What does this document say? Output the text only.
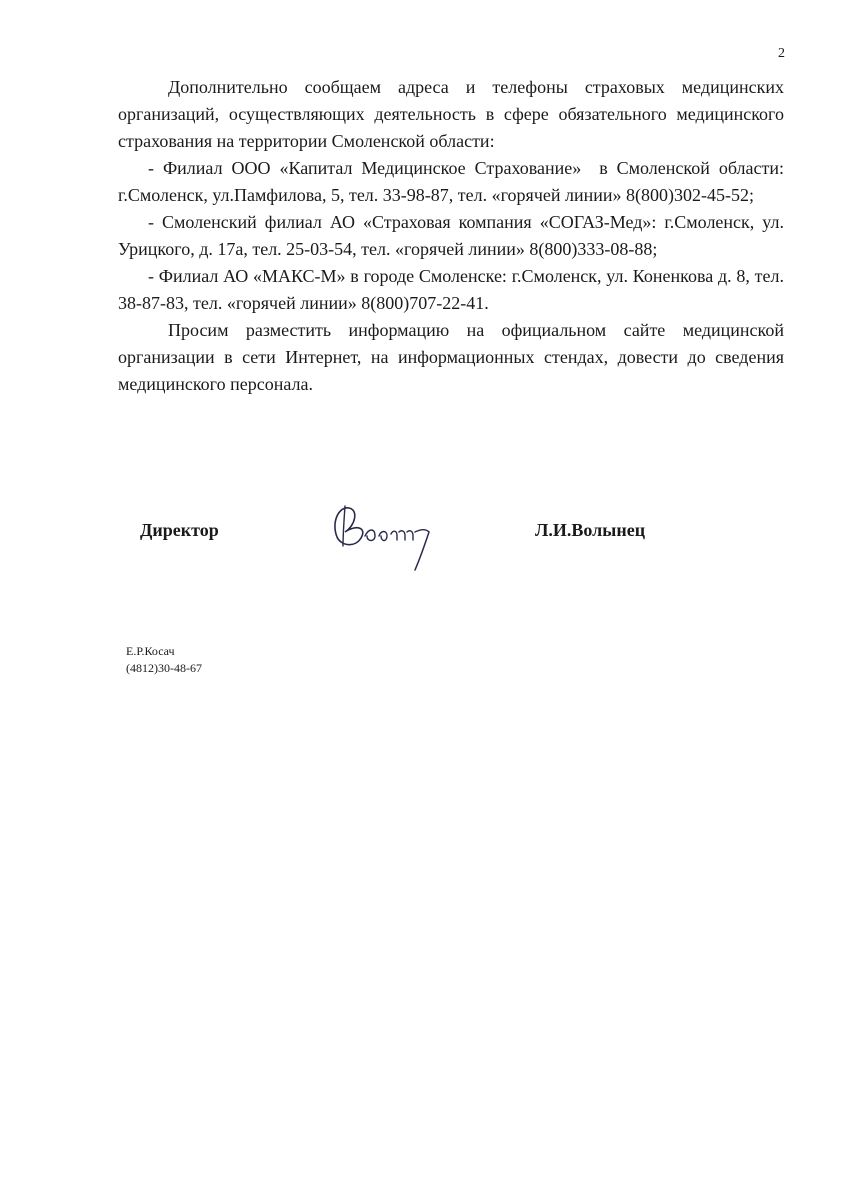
2

Дополнительно сообщаем адреса и телефоны страховых медицинских организаций, осуществляющих деятельность в сфере обязательного медицинского страхования на территории Смоленской области:

- Филиал ООО «Капитал Медицинское Страхование»  в Смоленской области: г.Смоленск, ул.Памфилова, 5, тел. 33-98-87, тел. «горячей линии» 8(800)302-45-52;

- Смоленский филиал АО «Страховая компания «СОГАЗ-Мед»: г.Смоленск, ул. Урицкого, д. 17а, тел. 25-03-54, тел. «горячей линии» 8(800)333-08-88;

- Филиал АО «МАКС-М» в городе Смоленске: г.Смоленск, ул. Коненкова д. 8, тел. 38-87-83, тел. «горячей линии» 8(800)707-22-41.

Просим разместить информацию на официальном сайте медицинской организации в сети Интернет, на информационных стендах, довести до сведения медицинского персонала.

Директор	Л.И.Волынец
Е.Р.Косач
(4812)30-48-67
